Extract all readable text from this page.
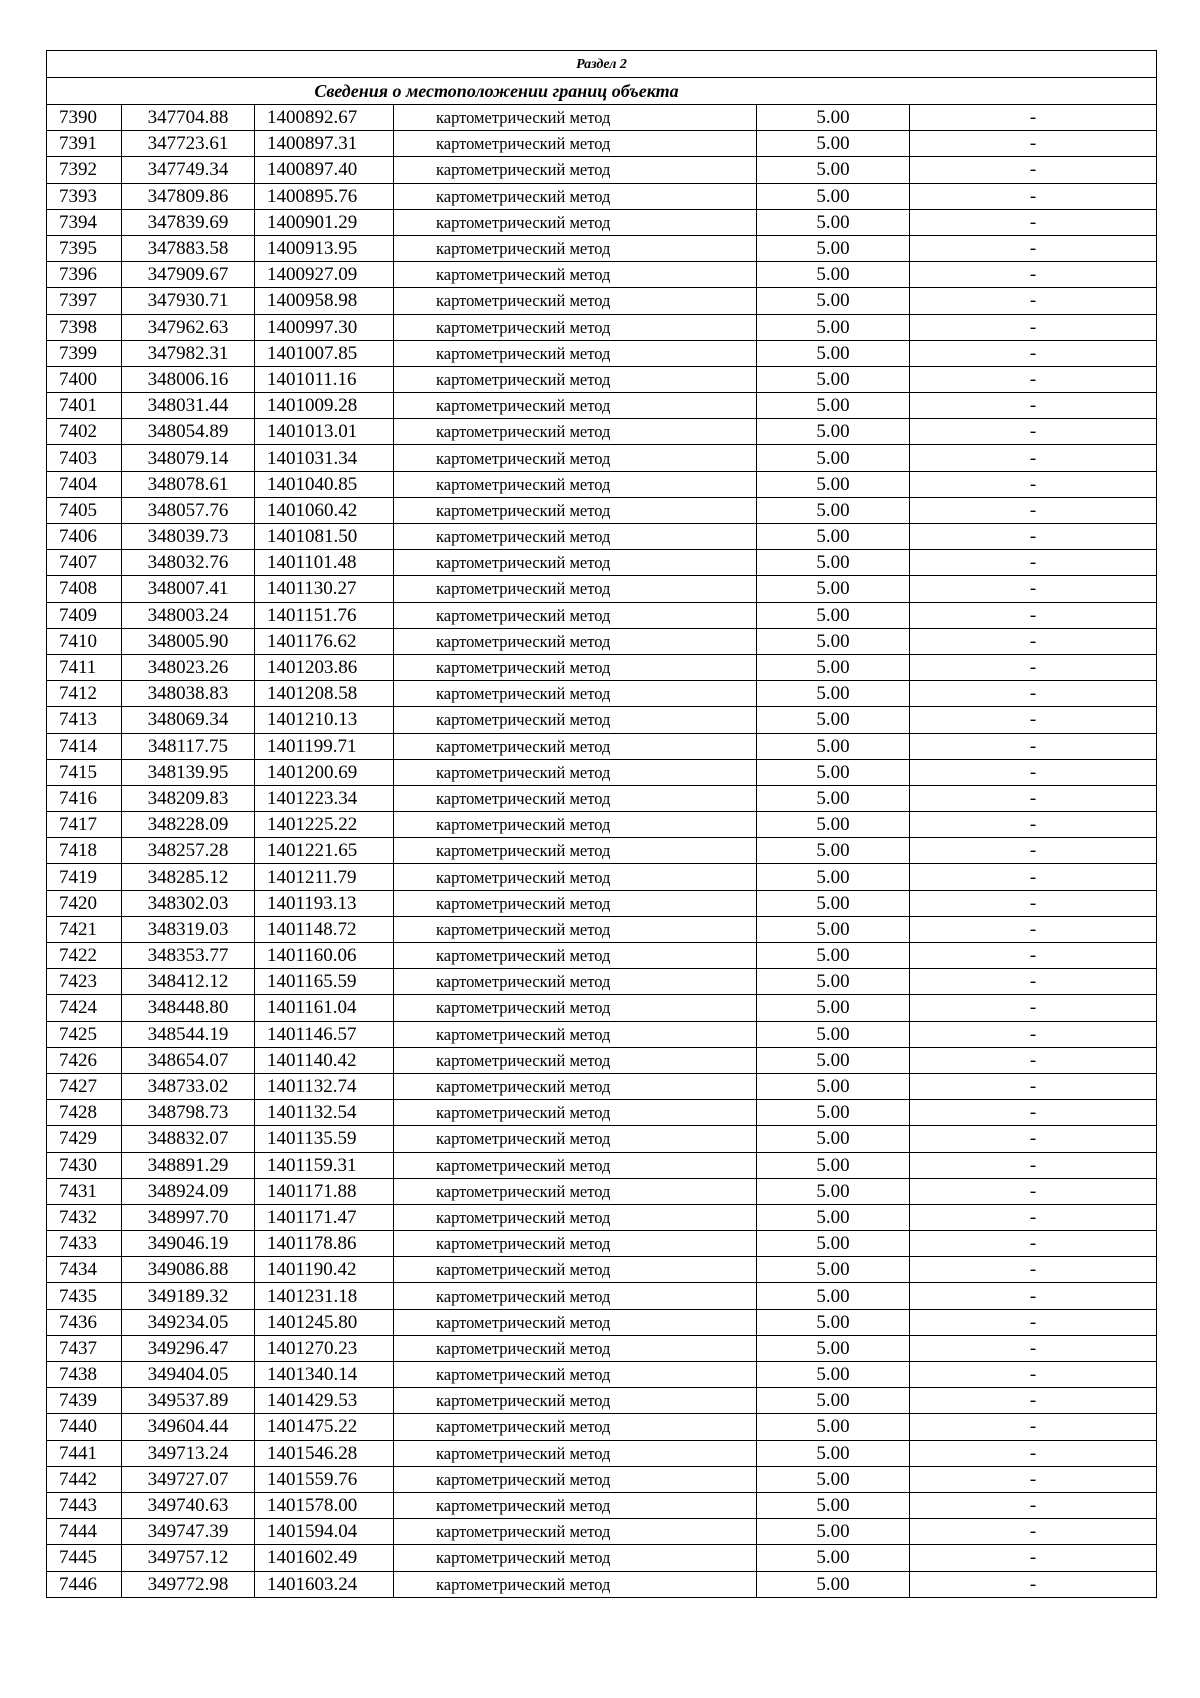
Раздел 2					
Сведения о местоположении границ объекта					
7390	347704.88	1400892.67	картометрический метод	5.00	-
7391	347723.61	1400897.31	картометрический метод	5.00	-
7392	347749.34	1400897.40	картометрический метод	5.00	-
7393	347809.86	1400895.76	картометрический метод	5.00	-
7394	347839.69	1400901.29	картометрический метод	5.00	-
7395	347883.58	1400913.95	картометрический метод	5.00	-
7396	347909.67	1400927.09	картометрический метод	5.00	-
7397	347930.71	1400958.98	картометрический метод	5.00	-
7398	347962.63	1400997.30	картометрический метод	5.00	-
7399	347982.31	1401007.85	картометрический метод	5.00	-
7400	348006.16	1401011.16	картометрический метод	5.00	-
7401	348031.44	1401009.28	картометрический метод	5.00	-
7402	348054.89	1401013.01	картометрический метод	5.00	-
7403	348079.14	1401031.34	картометрический метод	5.00	-
7404	348078.61	1401040.85	картометрический метод	5.00	-
7405	348057.76	1401060.42	картометрический метод	5.00	-
7406	348039.73	1401081.50	картометрический метод	5.00	-
7407	348032.76	1401101.48	картометрический метод	5.00	-
7408	348007.41	1401130.27	картометрический метод	5.00	-
7409	348003.24	1401151.76	картометрический метод	5.00	-
7410	348005.90	1401176.62	картометрический метод	5.00	-
7411	348023.26	1401203.86	картометрический метод	5.00	-
7412	348038.83	1401208.58	картометрический метод	5.00	-
7413	348069.34	1401210.13	картометрический метод	5.00	-
7414	348117.75	1401199.71	картометрический метод	5.00	-
7415	348139.95	1401200.69	картометрический метод	5.00	-
7416	348209.83	1401223.34	картометрический метод	5.00	-
7417	348228.09	1401225.22	картометрический метод	5.00	-
7418	348257.28	1401221.65	картометрический метод	5.00	-
7419	348285.12	1401211.79	картометрический метод	5.00	-
7420	348302.03	1401193.13	картометрический метод	5.00	-
7421	348319.03	1401148.72	картометрический метод	5.00	-
7422	348353.77	1401160.06	картометрический метод	5.00	-
7423	348412.12	1401165.59	картометрический метод	5.00	-
7424	348448.80	1401161.04	картометрический метод	5.00	-
7425	348544.19	1401146.57	картометрический метод	5.00	-
7426	348654.07	1401140.42	картометрический метод	5.00	-
7427	348733.02	1401132.74	картометрический метод	5.00	-
7428	348798.73	1401132.54	картометрический метод	5.00	-
7429	348832.07	1401135.59	картометрический метод	5.00	-
7430	348891.29	1401159.31	картометрический метод	5.00	-
7431	348924.09	1401171.88	картометрический метод	5.00	-
7432	348997.70	1401171.47	картометрический метод	5.00	-
7433	349046.19	1401178.86	картометрический метод	5.00	-
7434	349086.88	1401190.42	картометрический метод	5.00	-
7435	349189.32	1401231.18	картометрический метод	5.00	-
7436	349234.05	1401245.80	картометрический метод	5.00	-
7437	349296.47	1401270.23	картометрический метод	5.00	-
7438	349404.05	1401340.14	картометрический метод	5.00	-
7439	349537.89	1401429.53	картометрический метод	5.00	-
7440	349604.44	1401475.22	картометрический метод	5.00	-
7441	349713.24	1401546.28	картометрический метод	5.00	-
7442	349727.07	1401559.76	картометрический метод	5.00	-
7443	349740.63	1401578.00	картометрический метод	5.00	-
7444	349747.39	1401594.04	картометрический метод	5.00	-
7445	349757.12	1401602.49	картометрический метод	5.00	-
7446	349772.98	1401603.24	картометрический метод	5.00	-
